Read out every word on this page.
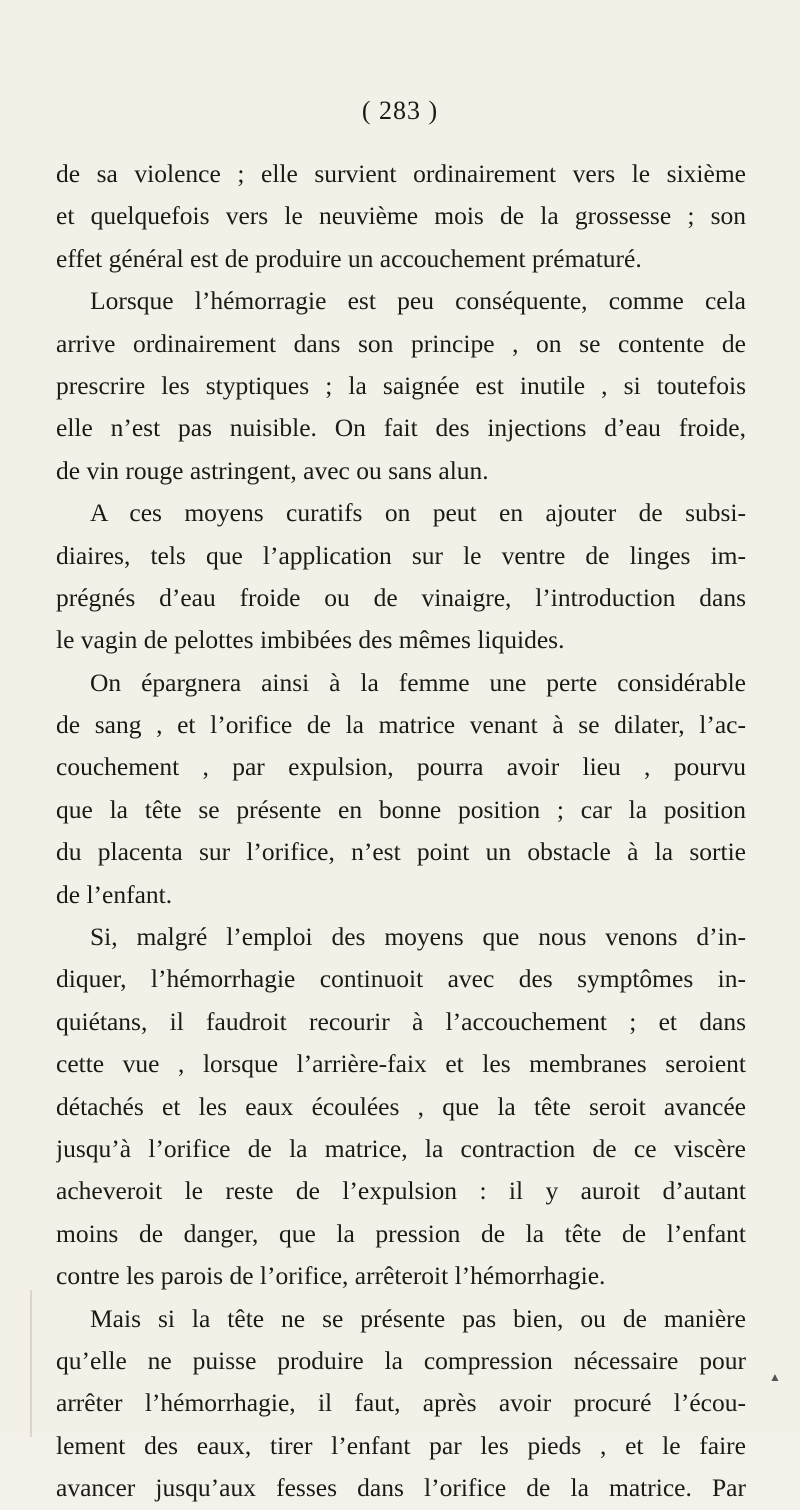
( 283 )
de sa violence ; elle survient ordinairement vers le sixième
et quelquefois vers le neuvième mois de la grossesse ; son
effet général est de produire un accouchement prématuré.
Lorsque l’hémorragie est peu conséquente, comme cela
arrive ordinairement dans son principe , on se contente de
prescrire les styptiques ; la saignée est inutile , si toutefois
elle n’est pas nuisible. On fait des injections d’eau froide,
de vin rouge astringent, avec ou sans alun.
A ces moyens curatifs on peut en ajouter de subsi-
diaires, tels que l’application sur le ventre de linges im-
prégnés d’eau froide ou de vinaigre, l’introduction dans
le vagin de pelottes imbibées des mêmes liquides.
On épargnera ainsi à la femme une perte considérable
de sang , et l’orifice de la matrice venant à se dilater, l’ac-
couchement , par expulsion, pourra avoir lieu , pourvu
que la tête se présente en bonne position ; car la position
du placenta sur l’orifice, n’est point un obstacle à la sortie
de l’enfant.
Si, malgré l’emploi des moyens que nous venons d’in-
diquer, l’hémorrhagie continuoit avec des symptômes in-
quiétans, il faudroit recourir à l’accouchement ; et dans
cette vue , lorsque l’arrière-faix et les membranes seroient
détachés et les eaux écoulées , que la tête seroit avancée
jusqu’à l’orifice de la matrice, la contraction de ce viscère
acheveroit le reste de l’expulsion : il y auroit d’autant
moins de danger, que la pression de la tête de l’enfant
contre les parois de l’orifice, arrêteroit l’hémorrhagie.
Mais si la tête ne se présente pas bien, ou de manière
qu’elle ne puisse produire la compression nécessaire pour
arrêter l’hémorrhagie, il faut, après avoir procuré l’écou-
lement des eaux, tirer l’enfant par les pieds , et le faire
avancer jusqu’aux fesses dans l’orifice de la matrice. Par
▲
